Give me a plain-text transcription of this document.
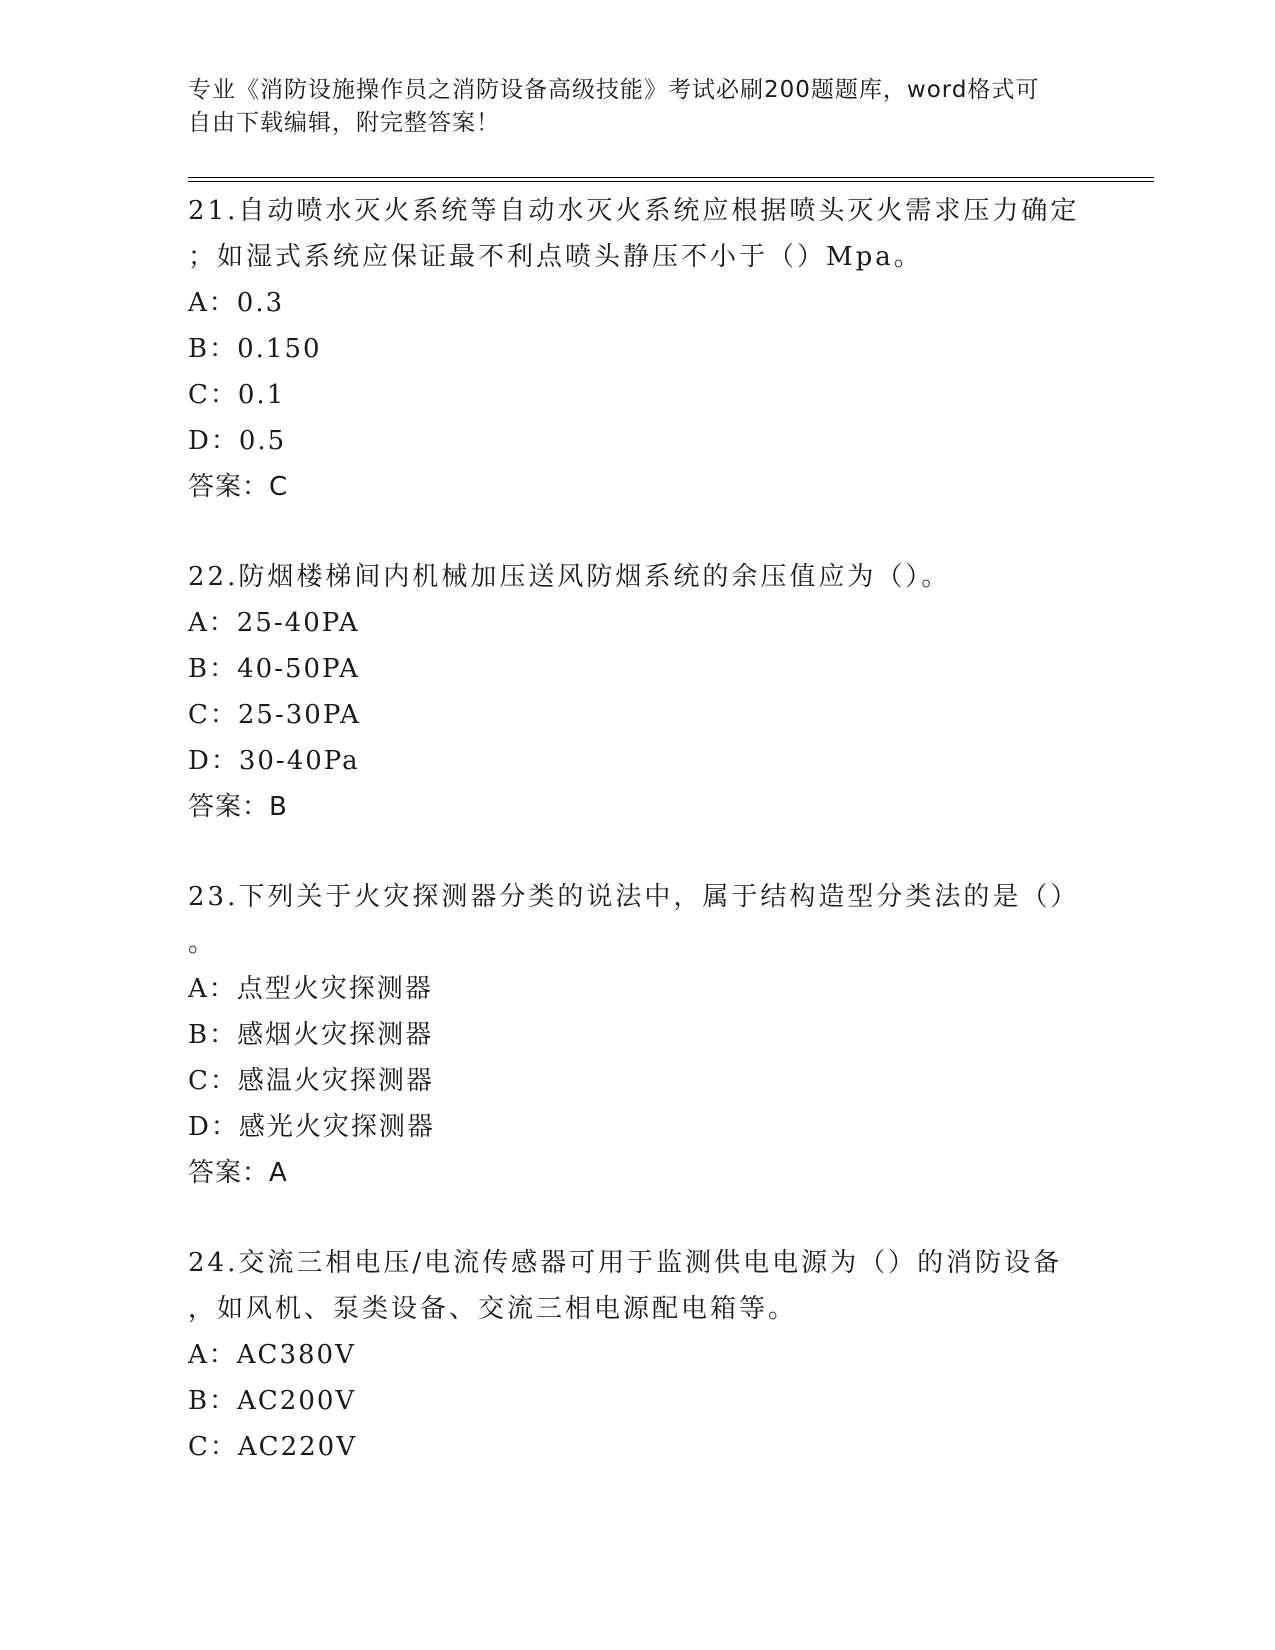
专业《消防设施操作员之消防设备高级技能》考试必刷200题题库，word格式可
自由下载编辑，附完整答案！
21.自动喷水灭火系统等自动水灭火系统应根据喷头灭火需求压力确定
；如湿式系统应保证最不利点喷头静压不小于（）Mpa。
A：0.3
B：0.150
C：0.1
D：0.5
答案：C
22.防烟楼梯间内机械加压送风防烟系统的余压值应为（）。
A：25-40PA
B：40-50PA
C：25-30PA
D：30-40Pa
答案：B
23.下列关于火灾探测器分类的说法中，属于结构造型分类法的是（）
。
A：点型火灾探测器
B：感烟火灾探测器
C：感温火灾探测器
D：感光火灾探测器
答案：A
24.交流三相电压/电流传感器可用于监测供电电源为（）的消防设备
，如风机、泵类设备、交流三相电源配电箱等。
A：AC380V
B：AC200V
C：AC220V
